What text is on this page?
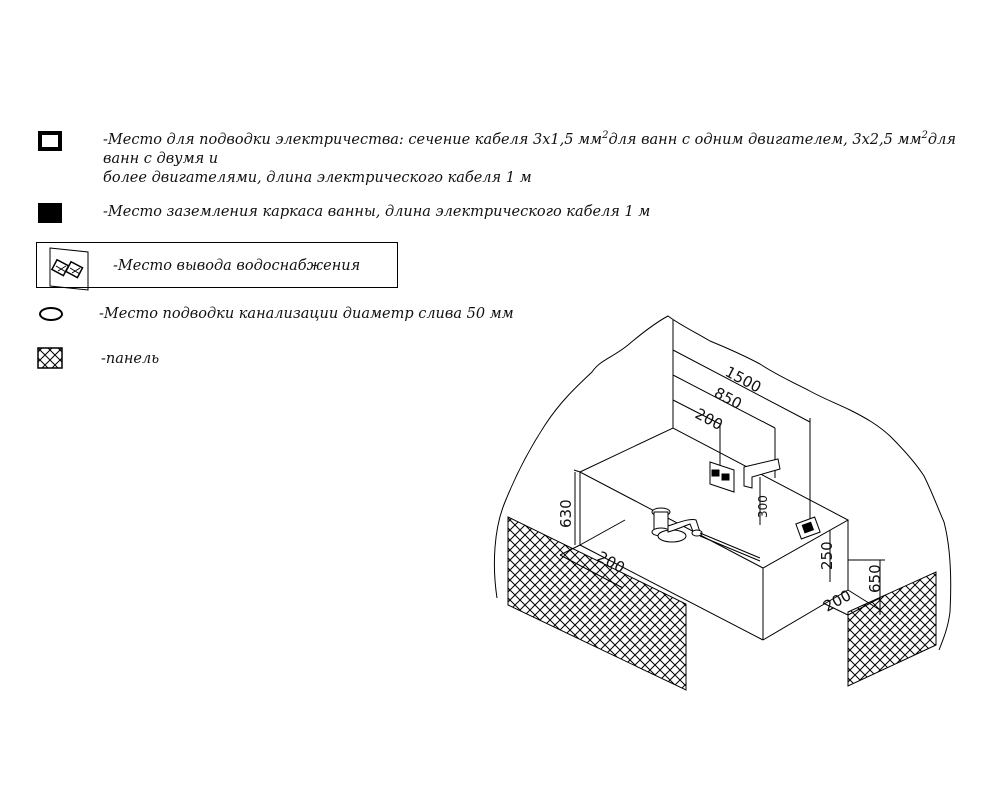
-Место для подводки электричества: сечение кабеля 3х1,5 $мм^2для$ ванн с одним двигателем, 3х2,5 $мм^2для$ ванн с двумя и
более двигателями, длина электрического кабеля 1 м
-Место заземления каркаса ванны, длина электрического кабеля 1 м
-Место вывода водоснабжения
-Место подводки канализации диаметр слива 50 мм
-панель
1500
850
200
630	300
250
650
200
200
